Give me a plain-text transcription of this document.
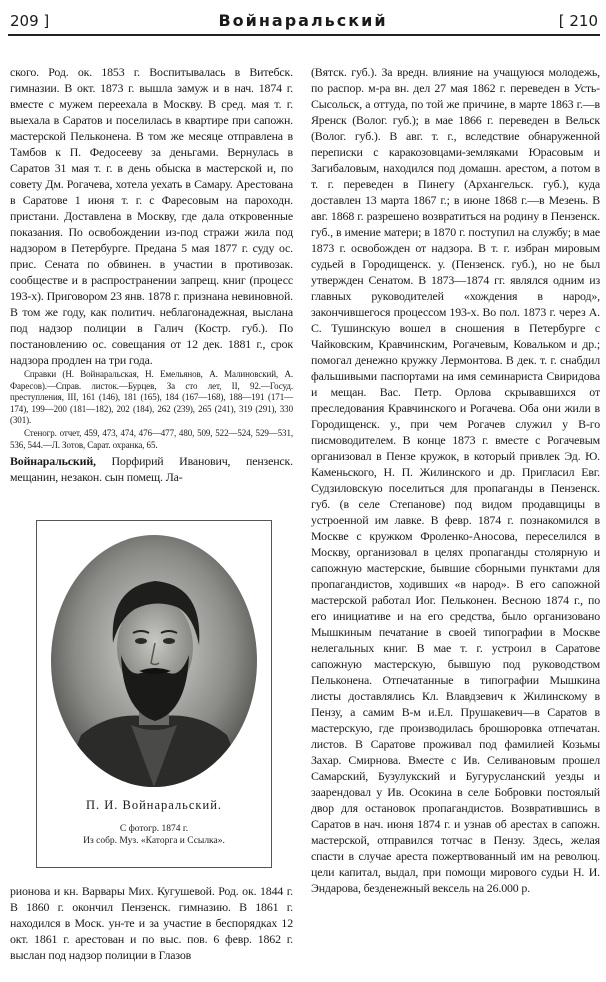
209 ]	Войнаральский	[ 210

ского. Род. ок. 1853 г. Воспитывалась в Витебск. гимназии. В окт. 1873 г. вышла замуж и в нач. 1874 г. вместе с мужем переехала в Москву. В сред. мая т. г. выехала в Саратов и поселилась в квартире при сапожн. мастерской Пельконена. В том же месяце отправлена в Тамбов к П. Федосееву за деньгами. Вернулась в Саратов 31 мая т. г. в день обыска в мастерской и, по совету Дм. Рогачева, хотела уехать в Самару. Арестована в Саратове 1 июня т. г. с Фаресовым на пароходн. пристани. Доставлена в Москву, где дала откровенные показания. По освобождении из-под стражи жила под надзором в Петербурге. Предана 5 мая 1877 г. суду ос. прис. Сената по обвинен. в участии в противозак. сообществе и в распространении запрещ. книг (процесс 193-х). Приговором 23 янв. 1878 г. признана невиновной. В том же году, как политич. неблагонадежная, выслана под надзор полиции в Галич (Костр. губ.). По постановлению ос. совещания от 12 дек. 1881 г., срок надзора продлен на три года.

Справки (Н. Войнаральская, Н. Емельянов, А. Малиновский, А. Фаресов).—Справ. листок.—Бурцев, За сто лет, II, 92.—Госуд. преступления, III, 161 (146), 181 (165), 184 (167—168), 188—191 (171—174), 199—200 (181—182), 202 (184), 262 (239), 265 (241), 319 (291), 330 (301).

Стеногр. отчет, 459, 473, 474, 476—477, 480, 509, 522—524, 529—531, 536, 544.—Л. Зотов, Сарат. охранка, 65.

Войнаральский, Порфирий Иванович, пензенск. мещанин, незакон. сын помещ. Ла-

П. И. Войнаральский.
С фотогр. 1874 г.
Из собр. Муз. «Каторга и Ссылка».

рионова и кн. Варвары Мих. Кугушевой. Род. ок. 1844 г. В 1860 г. окончил Пензенск. гимназию. В 1861 г. находился в Моск. ун-те и за участие в беспорядках 12 окт. 1861 г. арестован и по выс. пов. 6 февр. 1862 г. выслан под надзор полиции в Глазов

(Вятск. губ.). За вредн. влияние на учащуюся молодежь, по распор. м-ра вн. дел 27 мая 1862 г. переведен в Усть-Сысольск, а оттуда, по той же причине, в марте 1863 г.—в Яренск (Волог. губ.); в мае 1866 г. переведен в Вельск (Волог. губ.). В авг. т. г., вследствие обнаруженной переписки с каракозовцами-земляками Юрасовым и Загибаловым, находился под домашн. арестом, а потом в т. г. переведен в Пинегу (Архангельск. губ.), куда доставлен 13 марта 1867 г.; в июне 1868 г.—в Мезень. В авг. 1868 г. разрешено возвратиться на родину в Пензенск. губ., в имение матери; в 1870 г. поступил на службу; в мае 1873 г. освобожден от надзора. В т. г. избран мировым судьей в Городищенск. у. (Пензенск. губ.), но не был утвержден Сенатом. В 1873—1874 гг. являлся одним из главных руководителей «хождения в народ», закончившегося процессом 193-х. Во пол. 1873 г. через А. С. Тушинскую вошел в сношения в Петербурге с Чайковским, Кравчинским, Рогачевым, Ковальком и др.; помогал денежно кружку Лермонтова. В дек. т. г. снабдил фальшивыми паспортами на имя семинариста Свиридова и мещан. Вас. Петр. Орлова скрывавшихся от преследования Кравчинского и Рогачева. Оба они жили в Городищенск. у., при чем Рогачев служил у В-го писмоводителем. В конце 1873 г. вместе с Рогачевым организовал в Пензе кружок, в который привлек Эд. Ю. Каменьского, Н. П. Жилинского и др. Пригласил Евг. Судзиловскую поселиться для пропаганды в Пензенск. губ. (в селе Степановe) под видом продавщицы в устроенной им лавке. В февр. 1874 г. познакомился в Москве с кружком Фроленко-Аносова, переселился в Москву, организовал в целях пропаганды столярную и сапожную мастерские, бывшие сборными пунктами для пропагандистов, ходивших «в народ». В его сапожной мастерской работал Иог. Пельконен. Весною 1874 г., по его инициативе и на его средства, было организовано Мышкиным печатание в своей типографии в Москве нелегальных книг. В мае т. г. устроил в Саратове сапожную мастерскую, бывшую под руководством Пельконена. Отпечатанные в типографии Мышкина листы доставлялись Кл. Влавдзевич к Жилинскому в Пензу, а самим В-м и.Ел. Прушакевич—в Саратов в мастерскую, где производилась брошюровка отпечатан. листов. В Саратове проживал под фамилией Козьмы Захар. Смирнова. Вместе с Ив. Селивановым прошел Самарский, Бузулукский и Бугурусланский уезды и заарендовал у Ив. Осокина в селе Бобровки постоялый двор для остановок пропагандистов. Возвратившись в Саратов в нач. июня 1874 г. и узнав об арестах в сапожн. мастерской, отправился тотчас в Пензу. Здесь, желая спасти в случае ареста пожертвованный им на революц. цели капитал, выдал, при помощи мирового судьи Н. И. Эндарова, безденежный вексель на 26.000 р.
